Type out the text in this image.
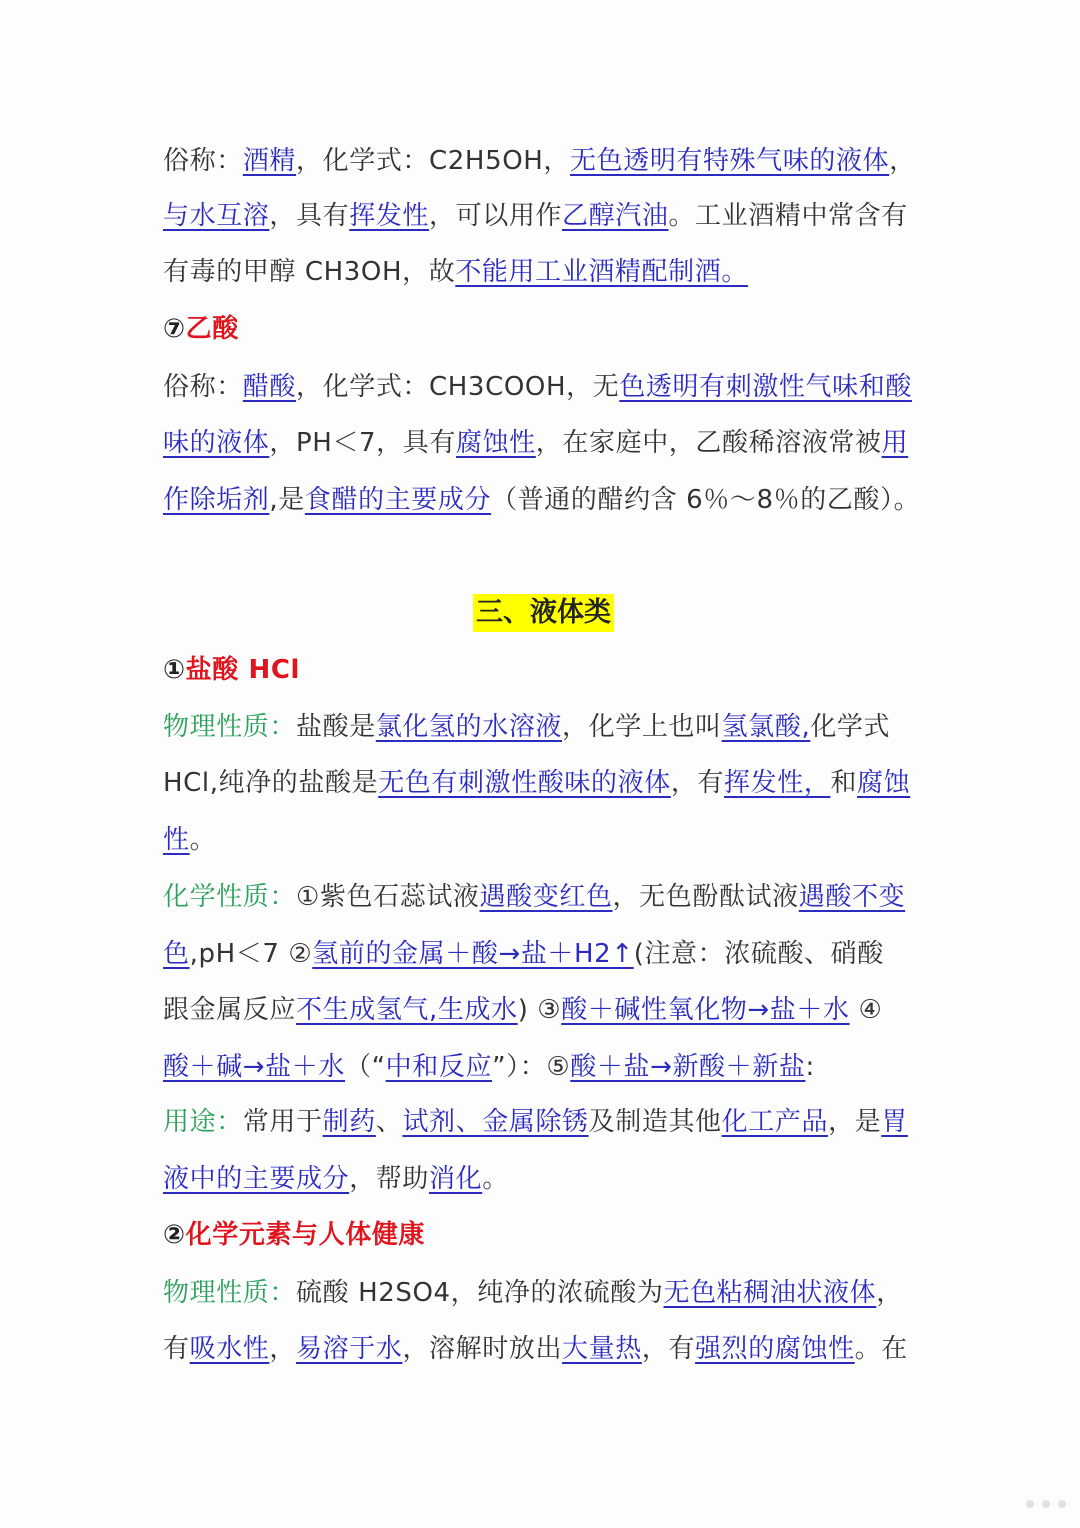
俗称：酒精，化学式：C2H5OH，无色透明有特殊气味的液体，
与水互溶，具有挥发性，可以用作乙醇汽油。工业酒精中常含有
有毒的甲醇 CH3OH，故不能用工业酒精配制酒。
⑦乙酸
俗称：醋酸，化学式：CH3COOH，无色透明有刺激性气味和酸
味的液体，PH＜7，具有腐蚀性，在家庭中，乙酸稀溶液常被用
作除垢剂,是食醋的主要成分（普通的醋约含 6％～8％的乙酸）。
三、液体类
①盐酸 HCl
物理性质：盐酸是氯化氢的水溶液，化学上也叫氢氯酸,化学式
HCl,纯净的盐酸是无色有刺激性酸味的液体，有挥发性，和腐蚀
性。
化学性质：①紫色石蕊试液遇酸变红色，无色酚酞试液遇酸不变
色,pH＜7 ②氢前的金属＋酸→盐＋H2↑(注意：浓硫酸、硝酸
跟金属反应不生成氢气,生成水) ③酸＋碱性氧化物→盐＋水 ④
酸＋碱→盐＋水（“中和反应”）：⑤酸＋盐→新酸＋新盐:
用途：常用于制药、试剂、金属除锈及制造其他化工产品，是胃
液中的主要成分，帮助消化。
②化学元素与人体健康
物理性质：硫酸 H2SO4，纯净的浓硫酸为无色粘稠油状液体，
有吸水性，易溶于水，溶解时放出大量热，有强烈的腐蚀性。在
